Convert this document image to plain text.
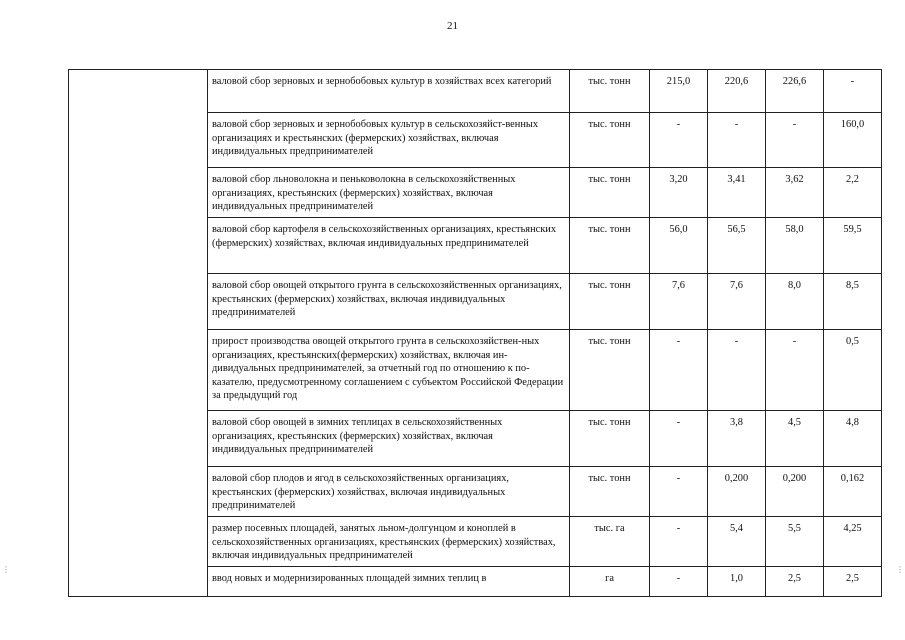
21
	валовой сбор зерновых и зернобобовых культур в хозяйствах всех категорий	тыс. тонн	215,0	220,6	226,6	-
	валовой сбор зерновых и зернобобовых культур в сельскохозяйст-венных организациях и крестьянских (фермерских) хозяйствах, включая индивидуальных предпринимателей	тыс. тонн	-	-	-	160,0
	валовой сбор льноволокна и пеньковолокна в сельскохозяйственных организациях, крестьянских (фермерских) хозяйствах, включая индивидуальных предпринимателей	тыс. тонн	3,20	3,41	3,62	2,2
	валовой сбор картофеля в сельскохозяйственных организациях, крестьянских (фермерских) хозяйствах, включая индивидуальных предпринимателей	тыс. тонн	56,0	56,5	58,0	59,5
	валовой сбор овощей открытого грунта в сельскохозяйственных организациях, крестьянских (фермерских) хозяйствах, включая индивидуальных предпринимателей	тыс. тонн	7,6	7,6	8,0	8,5
	прирост производства овощей открытого грунта в сельскохозяйствен-ных организациях, крестьянских(фермерских) хозяйствах, включая ин-дивидуальных предпринимателей, за отчетный год по отношению к по-казателю, предусмотренному соглашением с субъектом Российской Федерации за предыдущий год	тыс. тонн	-	-	-	0,5
	валовой сбор овощей в зимних теплицах в сельскохозяйственных организациях, крестьянских (фермерских) хозяйствах, включая индивидуальных предпринимателей	тыс. тонн	-	3,8	4,5	4,8
	валовой сбор плодов и ягод в сельскохозяйственных организациях, крестьянских (фермерских) хозяйствах, включая индивидуальных предпринимателей	тыс. тонн	-	0,200	0,200	0,162
	размер посевных площадей, занятых льном-долгунцом и коноплей в сельскохозяйственных организациях, крестьянских (фермерских) хозяйствах, включая индивидуальных предпринимателей	тыс. га	-	5,4	5,5	4,25
	ввод новых и модернизированных площадей зимних теплиц в	га	-	1,0	2,5	2,5
⋮	⋮
